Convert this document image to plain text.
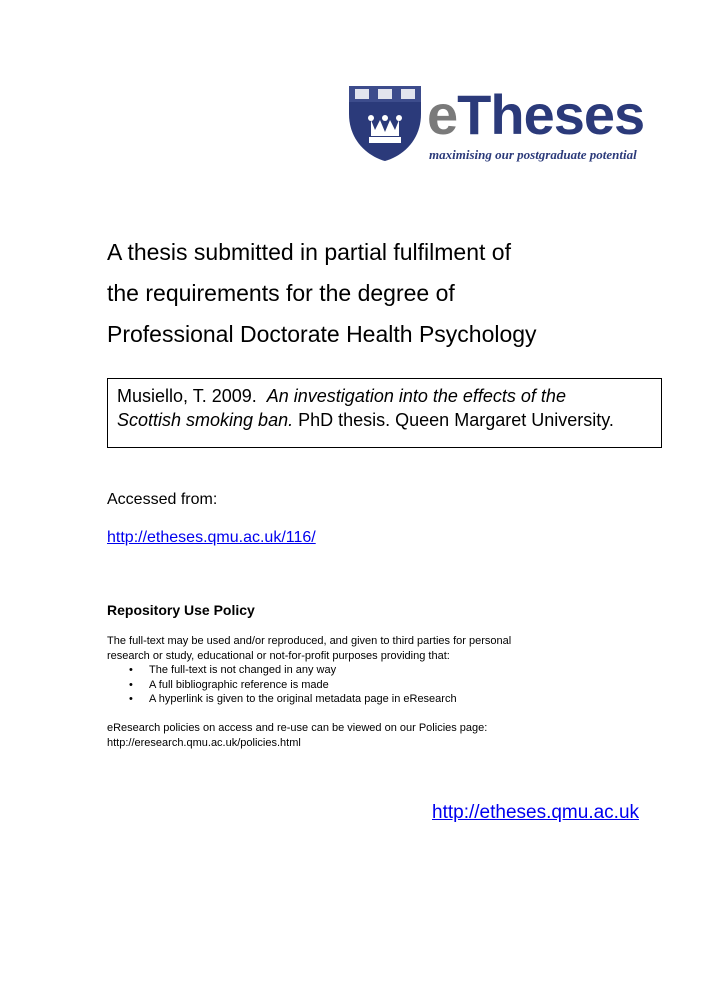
eTheses
maximising our postgraduate potential
A thesis submitted in partial fulfilment of
the requirements for the degree of
Professional Doctorate Health Psychology
Musiello, T. 2009. An investigation into the effects of the
Scottish smoking ban. PhD thesis. Queen Margaret University.
Accessed from:
http://etheses.qmu.ac.uk/116/
Repository Use Policy

The full-text may be used and/or reproduced, and given to third parties for personal

research or study, educational or not-for-profit purposes providing that:

• The full-text is not changed in any way
• A full bibliographic reference is made
• A hyperlink is given to the original metadata page in eResearch

eResearch policies on access and re-use can be viewed on our Policies page:

http://eresearch.qmu.ac.uk/policies.html

http://etheses.qmu.ac.uk
